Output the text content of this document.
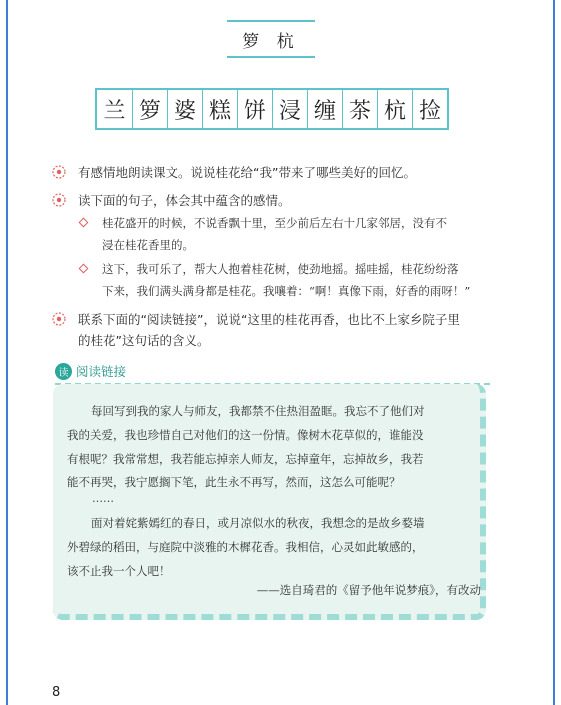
箩 杭
兰 箩 婆 糕 饼 浸 缠 茶 杭 捡
有感情地朗读课文。说说桂花给“我”带来了哪些美好的回忆。
读下面的句子，体会其中蕴含的感情。
桂花盛开的时候，不说香飘十里，至少前后左右十几家邻居，没有不
浸在桂花香里的。
这下，我可乐了，帮大人抱着桂花树，使劲地摇。摇哇摇，桂花纷纷落
下来，我们满头满身都是桂花。我嚷着：“啊！真像下雨，好香的雨呀！”
联系下面的“阅读链接”，说说“这里的桂花再香，也比不上家乡院子里
的桂花”这句话的含义。
读 阅读链接
每回写到我的家人与师友，我都禁不住热泪盈眶。我忘不了他们对
我的关爱，我也珍惜自己对他们的这一份情。像树木花草似的，谁能没
有根呢？我常常想，我若能忘掉亲人师友，忘掉童年，忘掉故乡，我若
能不再哭，我宁愿搁下笔，此生永不再写，然而，这怎么可能呢？
……
面对着姹紫嫣红的春日，或月凉似水的秋夜，我想念的是故乡婺墙
外碧绿的稻田，与庭院中淡雅的木樨花香。我相信，心灵如此敏感的，
该不止我一个人吧！
——选自琦君的《留予他年说梦痕》，有改动
8
